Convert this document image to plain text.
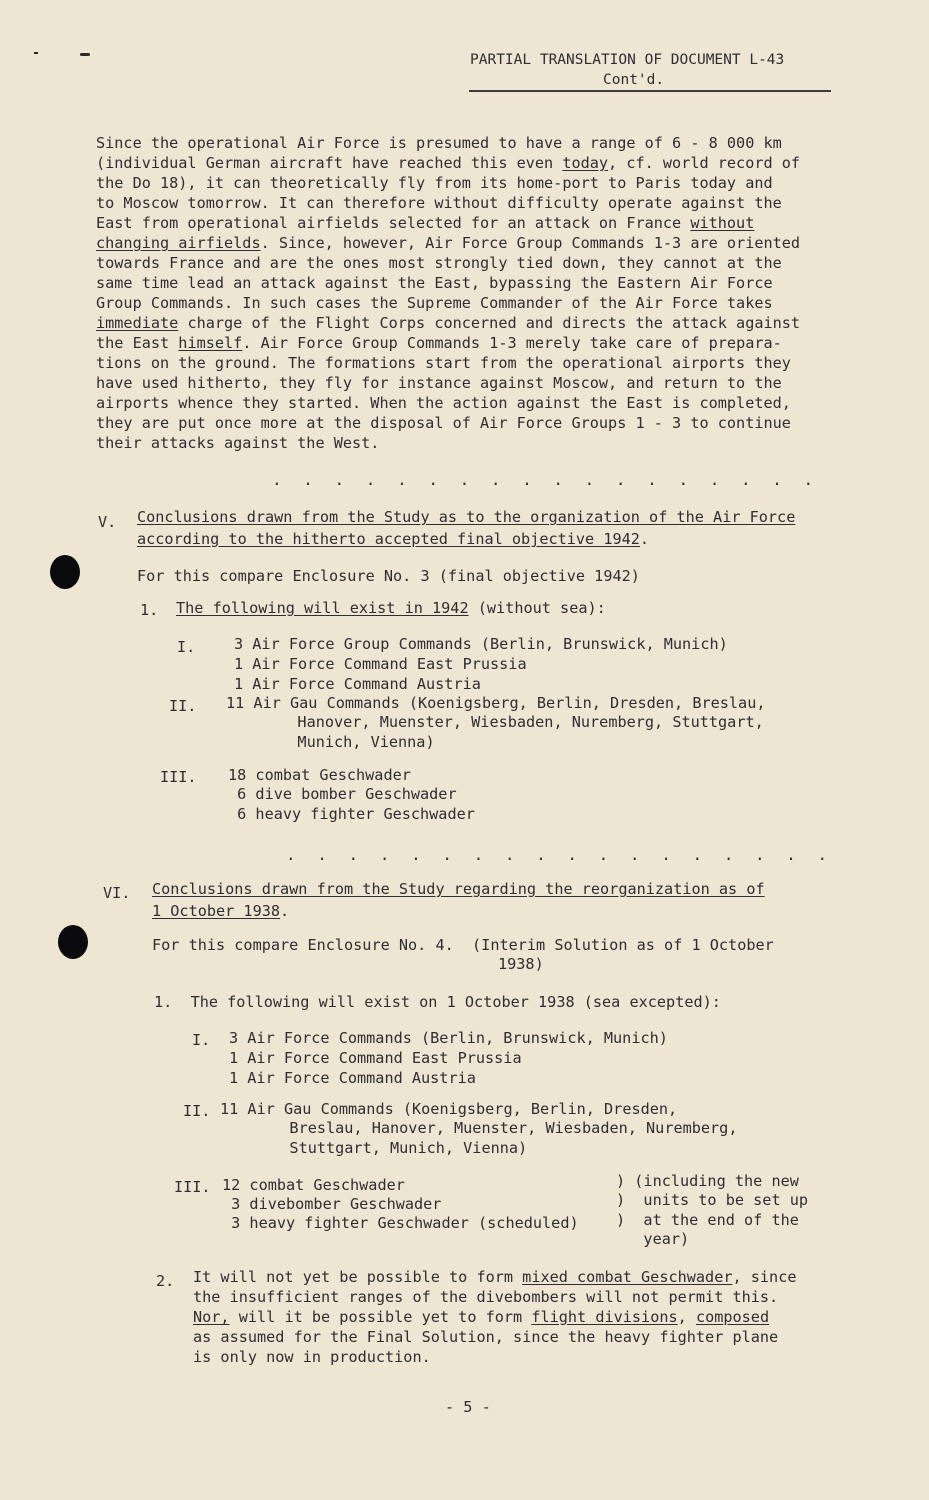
PARTIAL TRANSLATION OF DOCUMENT L-43
Cont'd.
Since the operational Air Force is presumed to have a range of 6 - 8 000 km
(individual German aircraft have reached this even today, cf. world record of
the Do 18), it can theoretically fly from its home-port to Paris today and
to Moscow tomorrow. It can therefore without difficulty operate against the
East from operational airfields selected for an attack on France without
changing airfields. Since, however, Air Force Group Commands 1-3 are oriented
towards France and are the ones most strongly tied down, they cannot at the
same time lead an attack against the East, bypassing the Eastern Air Force
Group Commands. In such cases the Supreme Commander of the Air Force takes
immediate charge of the Flight Corps concerned and directs the attack against
the East himself. Air Force Group Commands 1-3 merely take care of prepara-
tions on the ground. The formations start from the operational airports they
have used hitherto, they fly for instance against Moscow, and return to the
airports whence they started. When the action against the East is completed,
they are put once more at the disposal of Air Force Groups 1 - 3 to continue
their attacks against the West.
. . . . . . . . . . . . . . . . . .
V. Conclusions drawn from the Study as to the organization of the Air Force
according to the hitherto accepted final objective 1942.
For this compare Enclosure No. 3 (final objective 1942)
1. The following will exist in 1942 (without sea):
I.	3 Air Force Group Commands (Berlin, Brunswick, Munich)
1 Air Force Command East Prussia
1 Air Force Command Austria
II. 11 Air Gau Commands (Koenigsberg, Berlin, Dresden, Breslau,
Hanover, Muenster, Wiesbaden, Nuremberg, Stuttgart,
Munich, Vienna)
III. 18 combat Geschwader
6 dive bomber Geschwader
6 heavy fighter Geschwader
. . . . . . . . . . . . . . . . . .
VI. Conclusions drawn from the Study regarding the reorganization as of
1 October 1938.
For this compare Enclosure No. 4.  (Interim Solution as of 1 October
1938)
1.  The following will exist on 1 October 1938 (sea excepted):
I. 3 Air Force Commands (Berlin, Brunswick, Munich)
1 Air Force Command East Prussia
1 Air Force Command Austria
II. 11 Air Gau Commands (Koenigsberg, Berlin, Dresden,
Breslau, Hanover, Muenster, Wiesbaden, Nuremberg,
Stuttgart, Munich, Vienna)
III. 12 combat Geschwader
3 divebomber Geschwader
3 heavy fighter Geschwader (scheduled)
) (including the new
)  units to be set up
)  at the end of the
year)
2. It will not yet be possible to form mixed combat Geschwader, since
the insufficient ranges of the divebombers will not permit this.
Nor, will it be possible yet to form flight divisions, composed
as assumed for the Final Solution, since the heavy fighter plane
is only now in production.
- 5 -
